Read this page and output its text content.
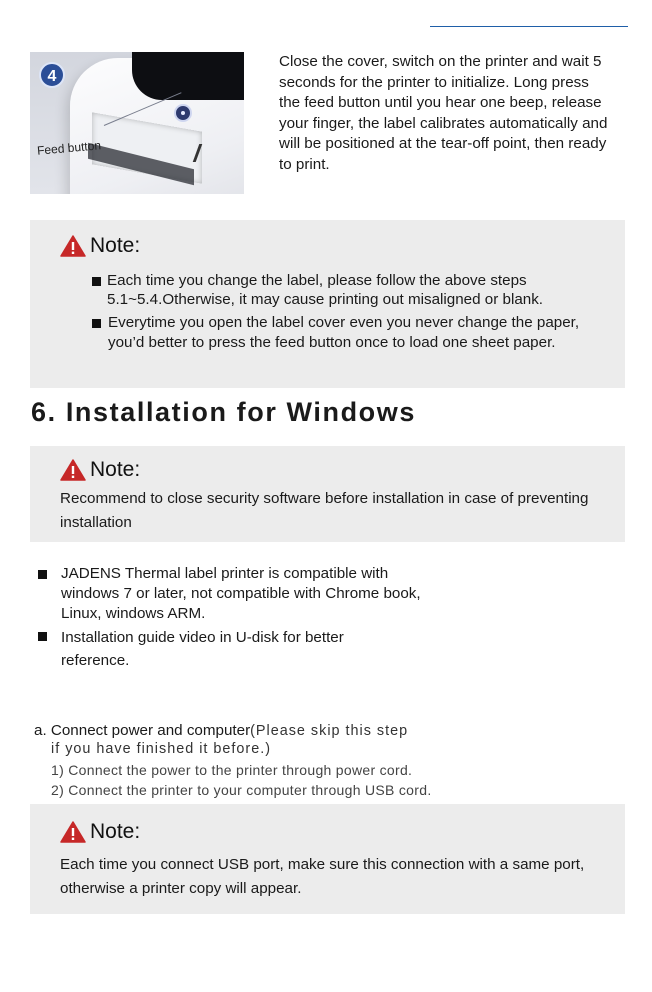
4
Feed button
Close the cover, switch on the printer and wait 5 seconds for the printer to initialize. Long press the feed button until you hear one beep, release your finger, the label calibrates automatically and will be positioned at the tear-off point, then ready to print.
Note:
Each time you change the label, please follow the above steps 5.1~5.4.Otherwise, it may cause printing out misaligned or blank.
Everytime you open the label cover even you never change the paper, you’d better to press the feed button once to load one sheet paper.
6. Installation for Windows
Note:
Recommend to close security software before installation in case of preventing installation
JADENS Thermal label printer is compatible with windows 7 or later, not compatible with Chrome book, Linux, windows ARM.
Installation guide video in U-disk for better reference.
a. Connect power and computer(Please skip this step
if you have finished it before.)
1) Connect the power to the printer through power cord.
2) Connect the printer to your computer through USB cord.
Note:
Each time you connect USB port, make sure this connection with a same port, otherwise a printer copy will appear.
